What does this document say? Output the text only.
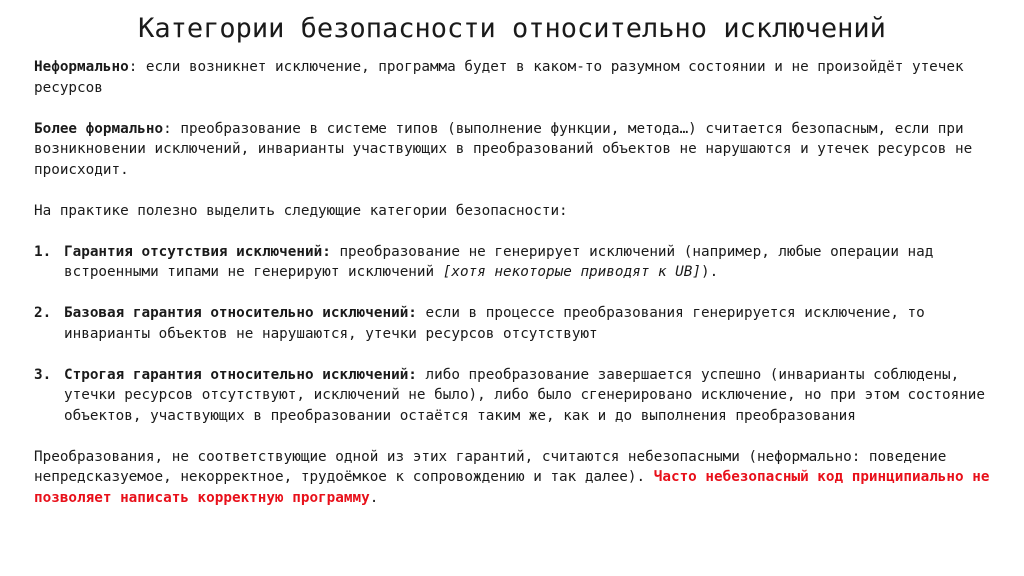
Категории безопасности относительно исключений

Неформально: если возникнет исключение, программа будет в каком-то разумном состоянии и не произойдёт утечек ресурсов

Более формально: преобразование в системе типов (выполнение функции, метода…) считается безопасным, если при возникновении исключений, инварианты участвующих в преобразований объектов не нарушаются и утечек ресурсов не происходит.

На практике полезно выделить следующие категории безопасности:

1. Гарантия отсутствия исключений: преобразование не генерирует исключений (например, любые операции над встроенными типами не генерируют исключений [хотя некоторые приводят к UB]).
2. Базовая гарантия относительно исключений: если в процессе преобразования генерируется исключение, то инварианты объектов не нарушаются, утечки ресурсов отсутствуют
3. Строгая гарантия относительно исключений: либо преобразование завершается успешно (инварианты соблюдены, утечки ресурсов отсутствуют, исключений не было), либо было сгенерировано исключение, но при этом состояние объектов, участвующих в преобразовании остаётся таким же, как и до выполнения преобразования

Преобразования, не соответствующие одной из этих гарантий, считаются небезопасными (неформально: поведение непредсказуемое, некорректное, трудоёмкое к сопровождению и так далее). Часто небезопасный код принципиально не позволяет написать корректную программу.
